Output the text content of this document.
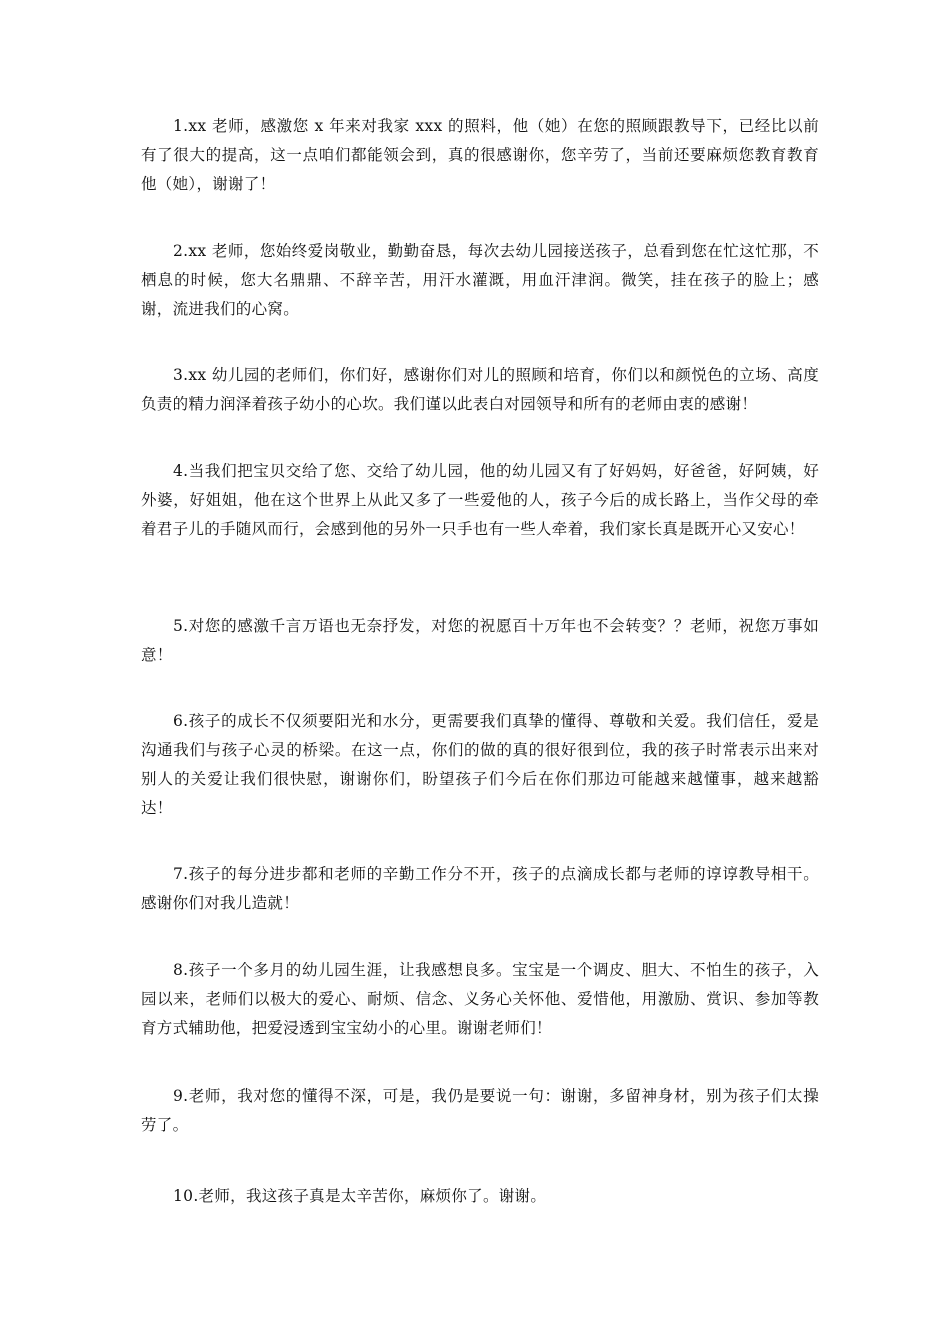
1.xx 老师，感激您 x 年来对我家 xxx 的照料，他（她）在您的照顾跟教导下，已经比以前有了很大的提高，这一点咱们都能领会到，真的很感谢你，您辛劳了，当前还要麻烦您教育教育他（她），谢谢了！

2.xx 老师，您始终爱岗敬业，勤勤奋恳，每次去幼儿园接送孩子，总看到您在忙这忙那，不栖息的时候，您大名鼎鼎、不辞辛苦，用汗水灌溉，用血汗津润。微笑，挂在孩子的脸上；感谢，流进我们的心窝。

3.xx 幼儿园的老师们，你们好，感谢你们对儿的照顾和培育，你们以和颜悦色的立场、高度负责的精力润泽着孩子幼小的心坎。我们谨以此表白对园领导和所有的老师由衷的感谢！

4.当我们把宝贝交给了您、交给了幼儿园，他的幼儿园又有了好妈妈，好爸爸，好阿姨，好外婆，好姐姐，他在这个世界上从此又多了一些爱他的人，孩子今后的成长路上，当作父母的牵着君子儿的手随风而行，会感到他的另外一只手也有一些人牵着，我们家长真是既开心又安心！

5.对您的感激千言万语也无奈抒发，对您的祝愿百十万年也不会转变？？老师，祝您万事如意！

6.孩子的成长不仅须要阳光和水分，更需要我们真挚的懂得、尊敬和关爱。我们信任，爱是沟通我们与孩子心灵的桥梁。在这一点，你们的做的真的很好很到位，我的孩子时常表示出来对别人的关爱让我们很快慰，谢谢你们，盼望孩子们今后在你们那边可能越来越懂事，越来越豁达！

7.孩子的每分进步都和老师的辛勤工作分不开，孩子的点滴成长都与老师的谆谆教导相干。感谢你们对我儿造就！

8.孩子一个多月的幼儿园生涯，让我感想良多。宝宝是一个调皮、胆大、不怕生的孩子，入园以来，老师们以极大的爱心、耐烦、信念、义务心关怀他、爱惜他，用激励、赏识、参加等教育方式辅助他，把爱浸透到宝宝幼小的心里。谢谢老师们！

9.老师，我对您的懂得不深，可是，我仍是要说一句：谢谢，多留神身材，别为孩子们太操劳了。

10.老师，我这孩子真是太辛苦你，麻烦你了。谢谢。
